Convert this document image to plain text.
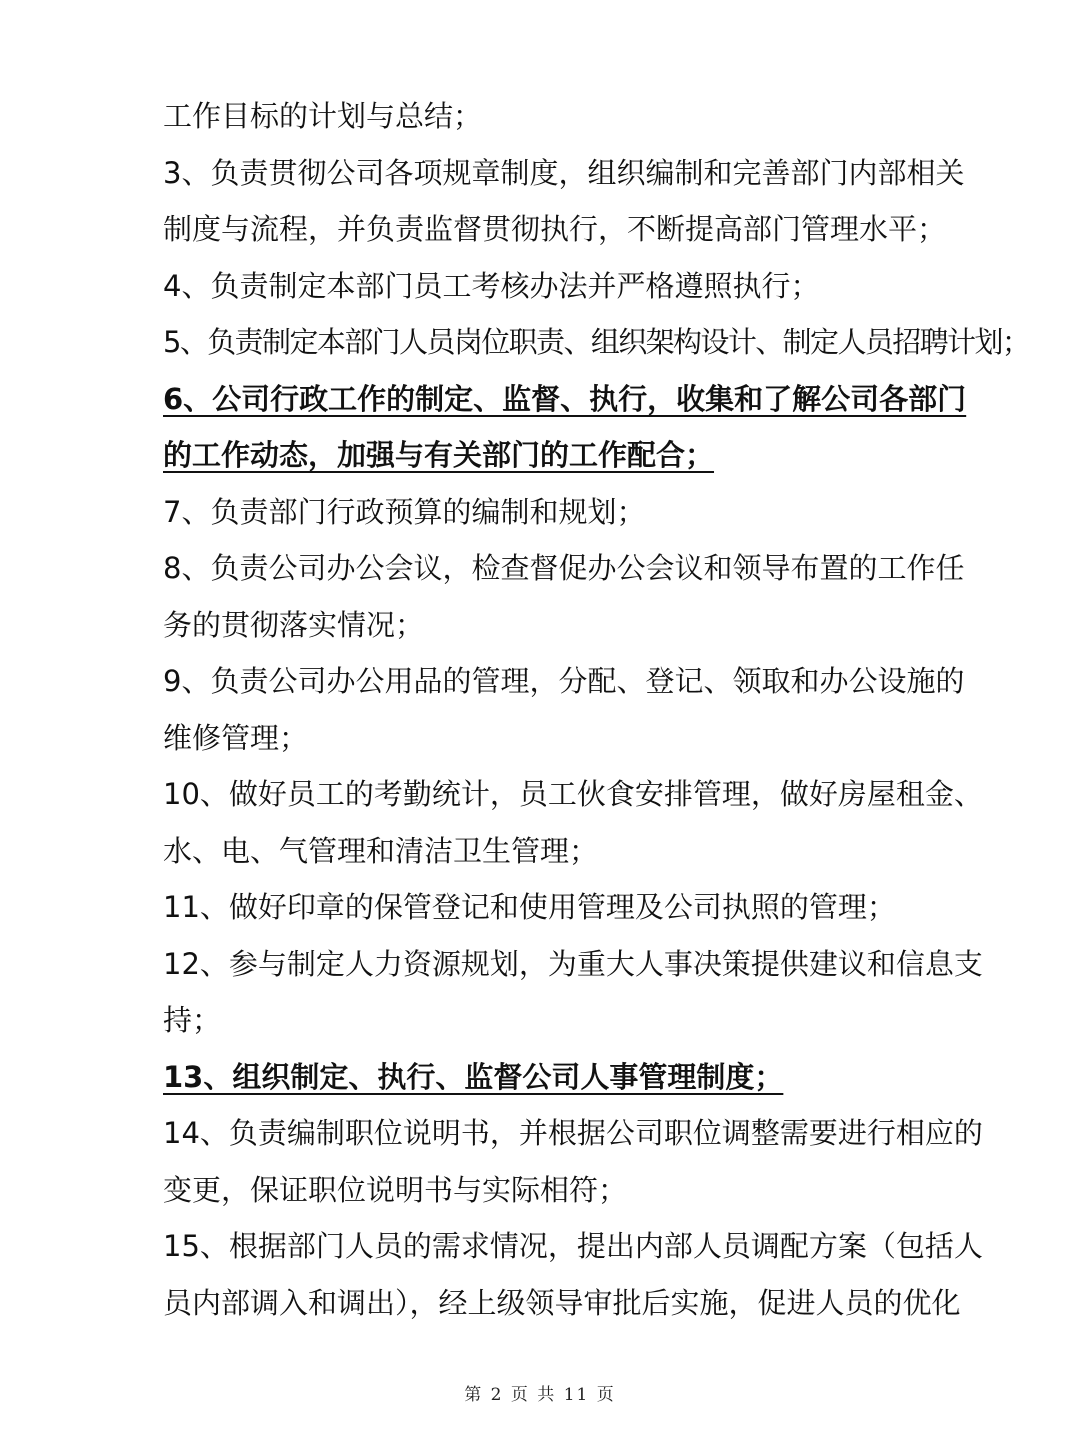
工作目标的计划与总结；
3、负责贯彻公司各项规章制度，组织编制和完善部门内部相关
制度与流程，并负责监督贯彻执行，不断提高部门管理水平；
4、负责制定本部门员工考核办法并严格遵照执行；
5、负责制定本部门人员岗位职责、组织架构设计、制定人员招聘计划；
6、公司行政工作的制定、监督、执行，收集和了解公司各部门
的工作动态，加强与有关部门的工作配合；
7、负责部门行政预算的编制和规划；
8、负责公司办公会议，检查督促办公会议和领导布置的工作任
务的贯彻落实情况；
9、负责公司办公用品的管理，分配、登记、领取和办公设施的
维修管理；
10、做好员工的考勤统计，员工伙食安排管理，做好房屋租金、
水、电、气管理和清洁卫生管理；
11、做好印章的保管登记和使用管理及公司执照的管理；
12、参与制定人力资源规划，为重大人事决策提供建议和信息支
持；
13、组织制定、执行、监督公司人事管理制度；
14、负责编制职位说明书，并根据公司职位调整需要进行相应的
变更，保证职位说明书与实际相符；
15、根据部门人员的需求情况，提出内部人员调配方案（包括人
员内部调入和调出），经上级领导审批后实施，促进人员的优化
第 2 页 共 11 页
